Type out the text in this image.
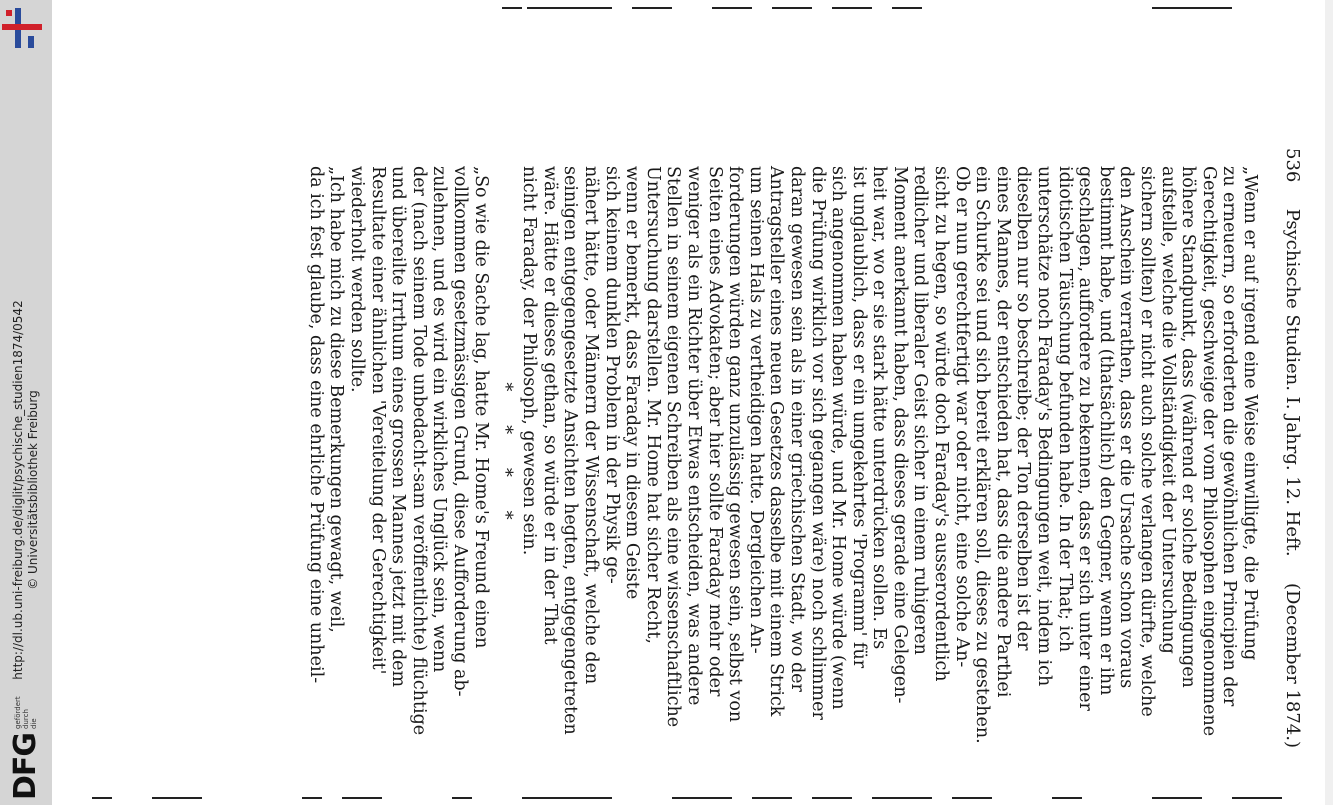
http://dl.ub.uni-freiburg.de/diglit/psychische_studien1874/0542 © Universitätsbibliothek Freiburg
DFG
gefördert durch die
536
Psychische Studien. I. Jahrg. 12. Heft.
(December 1874.)
„Wenn er auf irgend eine Weise einwilligte, die Prüfung
zu erneuern, so erforderten die gewöhnlichen Principien der
Gerechtigkeit, geschweige der vom Philosophen eingenommene
höhere Standpunkt, dass (während er solche Bedingungen
aufstelle, welche die Vollständigkeit der Untersuchung
sichern sollten) er nicht auch solche verlangen dürfte, welche
den Anschein verrathen, dass er die Ursache schon voraus
bestimmt habe, und (thatsächlich) den Gegner, wenn er ihn
geschlagen, auffordere zu bekennen, dass er sich unter einer
idiotischen Täuschung befunden habe. In der That; ich
unterschätze noch Faraday's Bedingungen weit, indem ich
dieselben nur so beschreibe; der Ton derselben ist der
eines Mannes, der entschieden hat, dass die andere Parthei
ein Schurke sei und sich bereit erklären soll, dieses zu gestehen.
Ob er nun gerechtfertigt war oder nicht, eine solche An-
sicht zu hegen, so würde doch Faraday's ausserordentlich
redlicher und liberaler Geist sicher in einem ruhigeren
Moment anerkannt haben, dass dieses gerade eine Gelegen-
heit war, wo er sie stark hätte unterdrücken sollen. Es
ist unglaublich, dass er ein umgekehrtes 'Programm' für
sich angenommen haben würde, und Mr. Home würde (wenn
die Prüfung wirklich vor sich gegangen wäre) noch schlimmer
daran gewesen sein als in einer griechischen Stadt, wo der
Antragsteller eines neuen Gesetzes dasselbe mit einem Strick
um seinen Hals zu vertheidigen hatte. Dergleichen An-
forderungen würden ganz unzulässig gewesen sein, selbst von
Seiten eines Advokaten; aber hier sollte Faraday mehr oder
weniger als ein Richter über Etwas entscheiden, was andere
Stellen in seinem eigenen Schreiben als eine wissenschaftliche
Untersuchung darstellen. Mr. Home hat sicher Recht,
wenn er bemerkt, dass Faraday in diesem Geiste
sich keinem dunklen Problem in der Physik ge-
nähert hätte, oder Männern der Wissenschaft, welche den
seinigen entgegengesetzte Ansichten hegten, entgegengetreten
wäre. Hätte er dieses gethan, so würde er in der That
nicht Faraday, der Philosoph, gewesen sein.
* * * *
„So wie die Sache lag, hatte Mr. Home's Freund einen
vollkommen gesetzmässigen Grund, diese Aufforderung ab-
zulehnen, und es wird ein wirkliches Unglück sein, wenn
der (nach seinem Tode unbedacht-sam veröffentlichte) flüchtige
und übereilte Irrthum eines grossen Mannes jetzt mit dem
Resultate einer ähnlichen 'Vereitelung der Gerechtigkeit'
wiederholt werden sollte.
„Ich habe mich zu diese Bemerkungen gewagt, weil,
da ich fest glaube, dass eine ehrliche Prüfung eine unheil-
